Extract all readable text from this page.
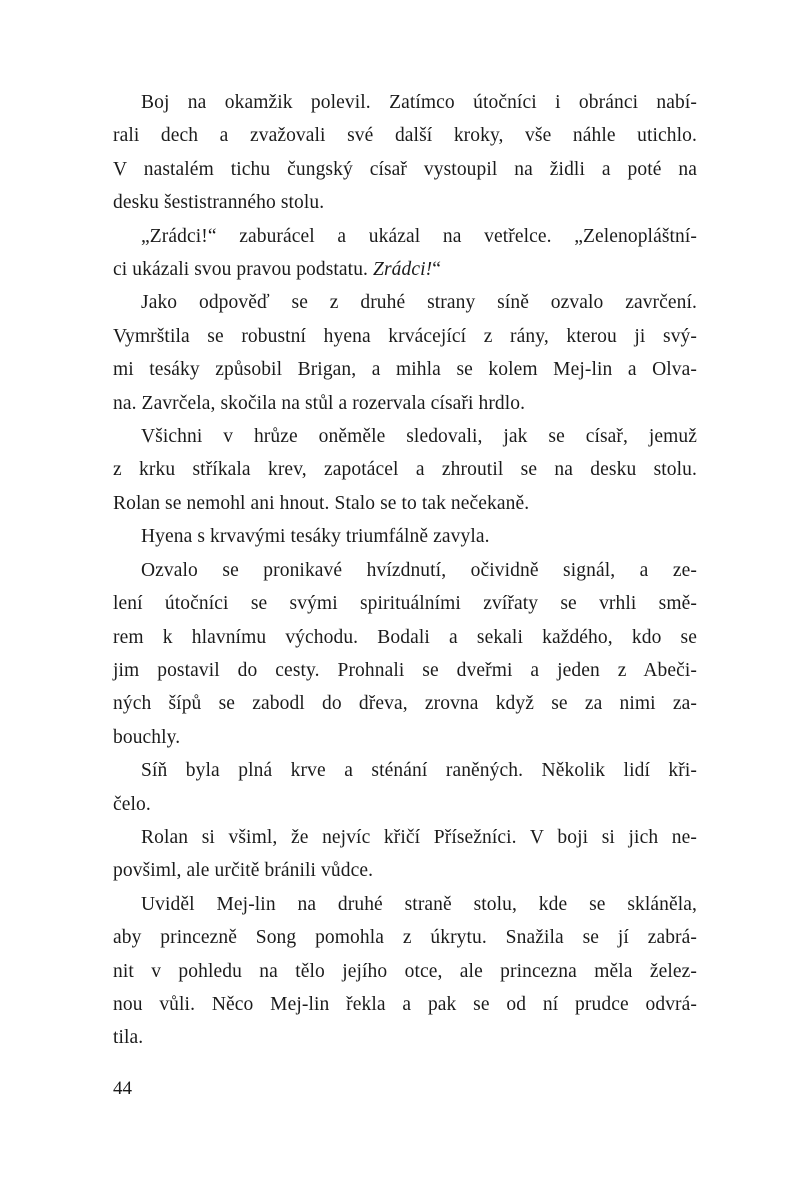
Boj na okamžik polevil. Zatímco útočníci i obránci nabí-
rali dech a zvažovali své další kroky, vše náhle utichlo.
V nastalém tichu čungský císař vystoupil na židli a poté na
desku šestistranného stolu.
„Zrádci!“ zaburácel a ukázal na vetřelce. „Zelenopláštní-
ci ukázali svou pravou podstatu. Zrádci!“
Jako odpověď se z druhé strany síně ozvalo zavrčení.
Vymrštila se robustní hyena krvácející z rány, kterou ji svý-
mi tesáky způsobil Brigan, a mihla se kolem Mej-lin a Olva-
na. Zavrčela, skočila na stůl a rozervala císaři hrdlo.
Všichni v hrůze oněměle sledovali, jak se císař, jemuž
z krku stříkala krev, zapotácel a zhroutil se na desku stolu.
Rolan se nemohl ani hnout. Stalo se to tak nečekaně.
Hyena s krvavými tesáky triumfálně zavyla.
Ozvalo se pronikavé hvízdnutí, očividně signál, a ze-
lení útočníci se svými spirituálními zvířaty se vrhli smě-
rem k hlavnímu východu. Bodali a sekali každého, kdo se
jim postavil do cesty. Prohnali se dveřmi a jeden z Abeči-
ných šípů se zabodl do dřeva, zrovna když se za nimi za-
bouchly.
Síň byla plná krve a sténání raněných. Několik lidí kři-
čelo.
Rolan si všiml, že nejvíc křičí Přísežníci. V boji si jich ne-
povšiml, ale určitě bránili vůdce.
Uviděl Mej-lin na druhé straně stolu, kde se skláněla,
aby princezně Song pomohla z úkrytu. Snažila se jí zabrá-
nit v pohledu na tělo jejího otce, ale princezna měla želez-
nou vůli. Něco Mej-lin řekla a pak se od ní prudce odvrá-
tila.
44
